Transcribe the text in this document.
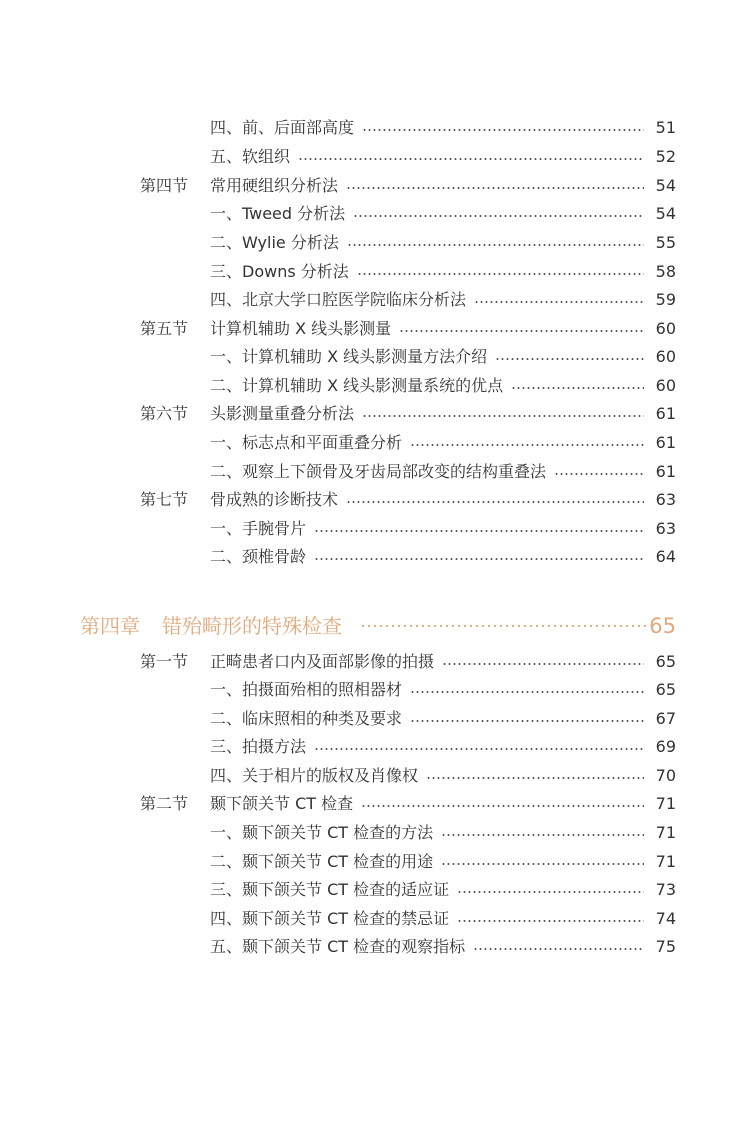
四、前、后面部高度	51
五、软组织	52
第四节 常用硬组织分析法	54
一、Tweed 分析法	54
二、Wylie 分析法	55
三、Downs 分析法	58
四、北京大学口腔医学院临床分析法	59
第五节 计算机辅助 X 线头影测量	60
一、计算机辅助 X 线头影测量方法介绍	60
二、计算机辅助 X 线头影测量系统的优点	60
第六节 头影测量重叠分析法	61
一、标志点和平面重叠分析	61
二、观察上下颌骨及牙齿局部改变的结构重叠法	61
第七节 骨成熟的诊断技术	63
一、手腕骨片	63
二、颈椎骨龄	64
第四章 错殆畸形的特殊检查	65
第一节 正畸患者口内及面部影像的拍摄	65
一、拍摄面殆相的照相器材	65
二、临床照相的种类及要求	67
三、拍摄方法	69
四、关于相片的版权及肖像权	70
第二节 颞下颌关节 CT 检查	71
一、颞下颌关节 CT 检查的方法	71
二、颞下颌关节 CT 检查的用途	71
三、颞下颌关节 CT 检查的适应证	73
四、颞下颌关节 CT 检查的禁忌证	74
五、颞下颌关节 CT 检查的观察指标	75
